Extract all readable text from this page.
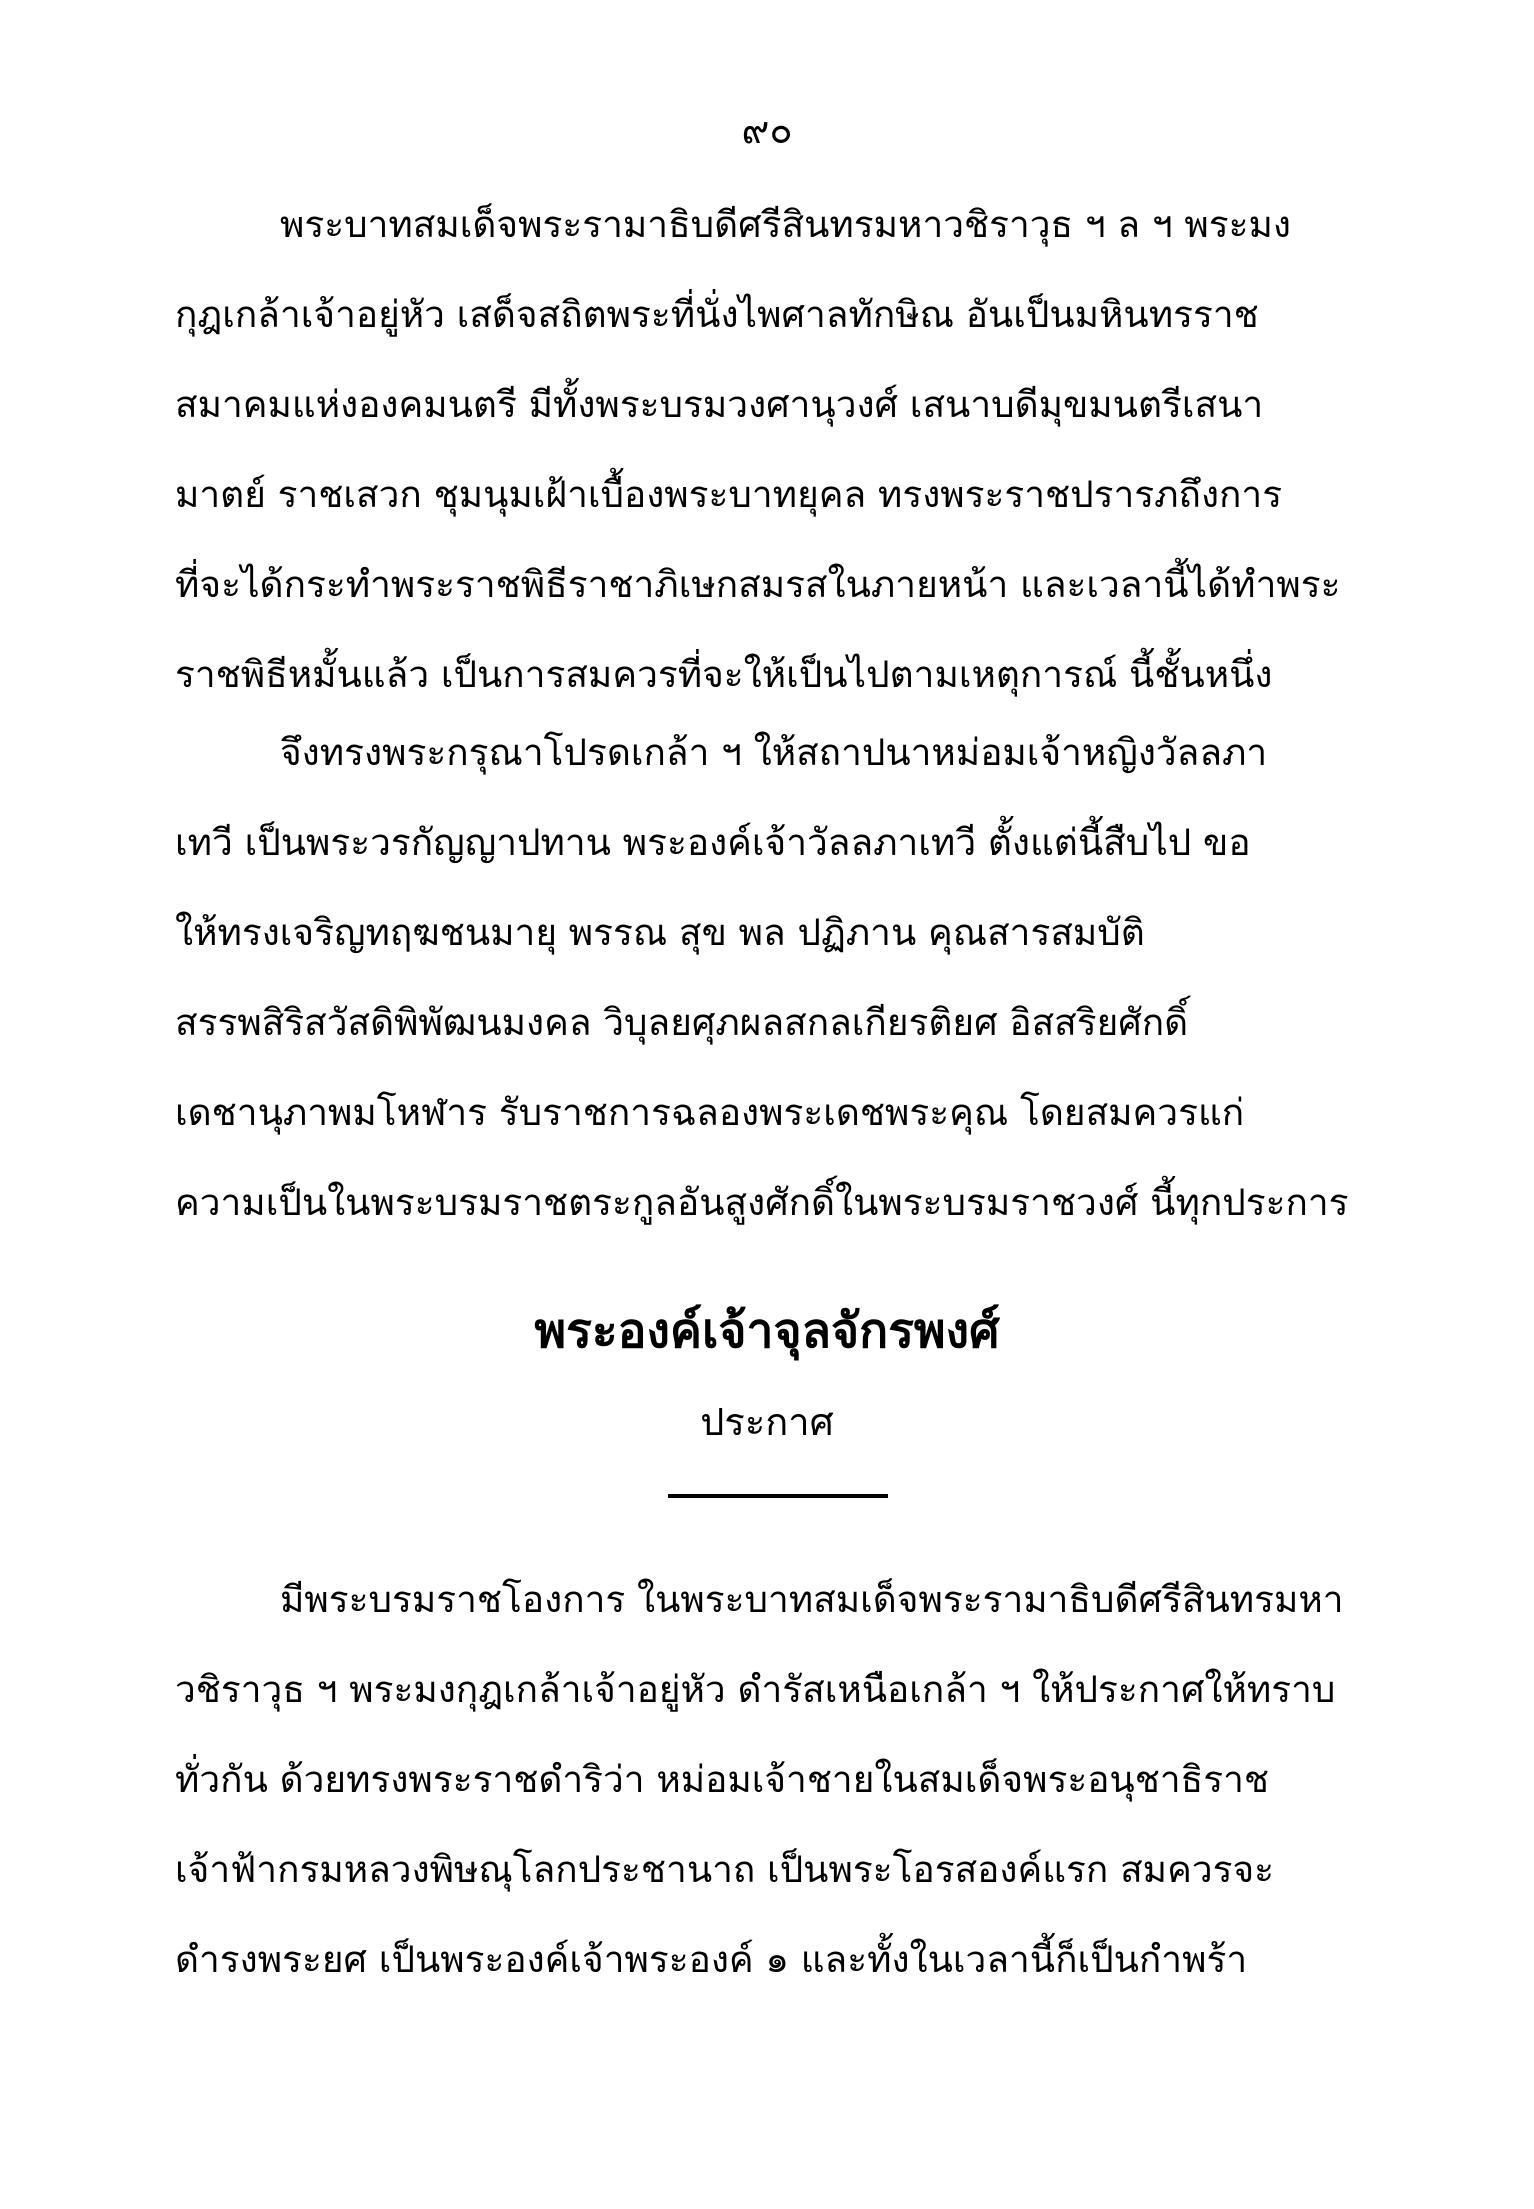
๙๐
พระบาทสมเด็จพระรามาธิบดีศรีสินทรมหาวชิราวุธ ฯ ล ฯ พระมง
กุฎเกล้าเจ้าอยู่หัว เสด็จสถิตพระที่นั่งไพศาลทักษิณ อันเป็นมหินทรราช
สมาคมแห่งองคมนตรี มีทั้งพระบรมวงศานุวงศ์ เสนาบดีมุขมนตรีเสนา
มาตย์ ราชเสวก ชุมนุมเฝ้าเบื้องพระบาทยุคล ทรงพระราชปรารภถึงการ
ที่จะได้กระทำพระราชพิธีราชาภิเษกสมรสในภายหน้า และเวลานี้ได้ทำพระ
ราชพิธีหมั้นแล้ว เป็นการสมควรที่จะให้เป็นไปตามเหตุการณ์ นี้ชั้นหนึ่ง
จึงทรงพระกรุณาโปรดเกล้า ฯ ให้สถาปนาหม่อมเจ้าหญิงวัลลภา
เทวี เป็นพระวรกัญญาปทาน พระองค์เจ้าวัลลภาเทวี ตั้งแต่นี้สืบไป ขอ
ให้ทรงเจริญทฤฆชนมายุ พรรณ สุข พล ปฏิภาน คุณสารสมบัติ
สรรพสิริสวัสดิพิพัฒนมงคล วิบุลยศุภผลสกลเกียรติยศ อิสสริยศักดิ์
เดชานุภาพมโหฬาร รับราชการฉลองพระเดชพระคุณ โดยสมควรแก่
ความเป็นในพระบรมราชตระกูลอันสูงศักดิ์ในพระบรมราชวงศ์ นี้ทุกประการ
พระองค์เจ้าจุลจักรพงศ์
ประกาศ
มีพระบรมราชโองการ ในพระบาทสมเด็จพระรามาธิบดีศรีสินทรมหา
วชิราวุธ ฯ พระมงกุฎเกล้าเจ้าอยู่หัว ดำรัสเหนือเกล้า ฯ ให้ประกาศให้ทราบ
ทั่วกัน ด้วยทรงพระราชดำริว่า หม่อมเจ้าชายในสมเด็จพระอนุชาธิราช
เจ้าฟ้ากรมหลวงพิษณุโลกประชานาถ เป็นพระโอรสองค์แรก สมควรจะ
ดำรงพระยศ เป็นพระองค์เจ้าพระองค์ ๑ และทั้งในเวลานี้ก็เป็นกำพร้า
